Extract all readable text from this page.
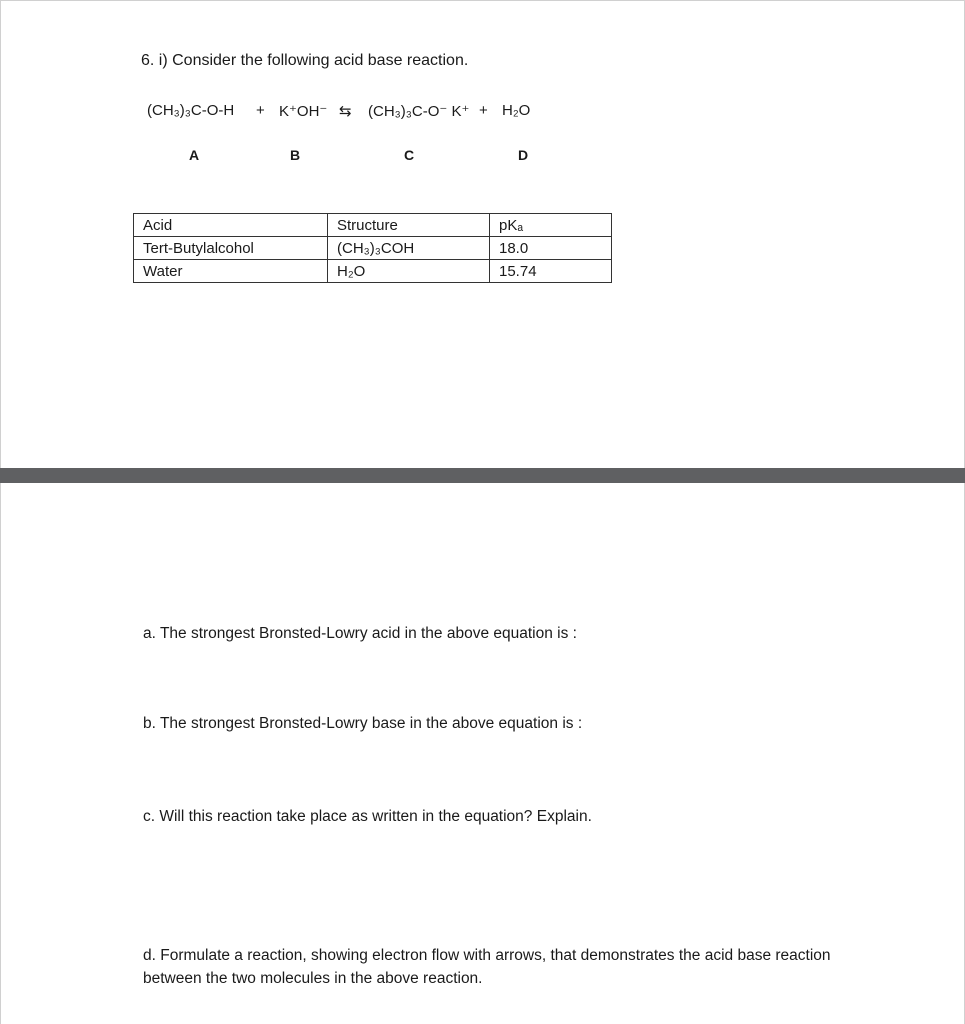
6. i) Consider the following acid base reaction.
(CH₃)₃C-O-H + K⁺OH⁻ ⇆ (CH₃)₃C-O⁻ K⁺ + H₂O
A	B	C	D
Acid	Structure	pKₐ
Tert-Butylalcohol	(CH₃)₃COH	18.0
Water	H₂O	15.74
a. The strongest Bronsted-Lowry acid in the above equation is :
b. The strongest Bronsted-Lowry base in the above equation is :
c. Will this reaction take place as written in the equation? Explain.
d. Formulate a reaction, showing electron flow with arrows, that demonstrates the acid base reaction between the two molecules in the above reaction.
